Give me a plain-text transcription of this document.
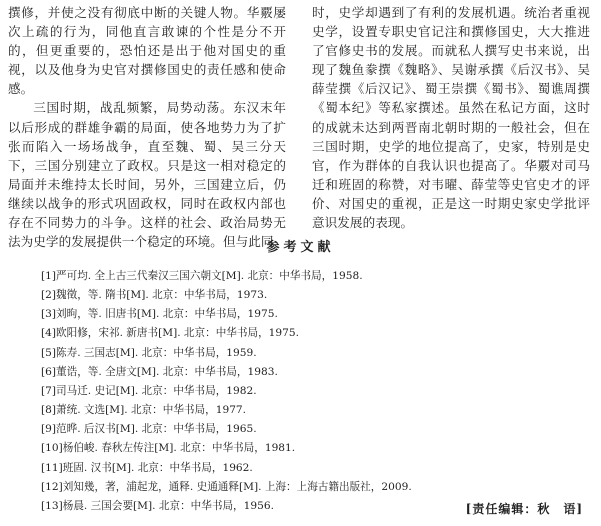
撰修，并使之没有彻底中断的关键人物。华覈屡次上疏的行为，同他直言敢谏的个性是分不开的，但更重要的，恐怕还是出于他对国史的重视，以及他身为史官对撰修国史的责任感和使命感。

三国时期，战乱频繁，局势动荡。东汉末年以后形成的群雄争霸的局面，使各地势力为了扩张而陷入一场场战争，直至魏、蜀、吴三分天下，三国分别建立了政权。只是这一相对稳定的局面并未维持太长时间，另外，三国建立后，仍继续以战争的形式巩固政权，同时在政权内部也存在不同势力的斗争。这样的社会、政治局势无法为史学的发展提供一个稳定的环境。但与此同

时，史学却遇到了有利的发展机遇。统治者重视史学，设置专职史官记注和撰修国史，大大推进了官修史书的发展。而就私人撰写史书来说，出现了魏鱼豢撰《魏略》、吴谢承撰《后汉书》、吴薛莹撰《后汉记》、蜀王崇撰《蜀书》、蜀谯周撰《蜀本纪》等私家撰述。虽然在私记方面，这时的成就未达到两晋南北朝时期的一般社会，但在三国时期，史学的地位提高了，史家，特别是史官，作为群体的自我认识也提高了。华覈对司马迁和班固的称赞，对韦曜、薛莹等史官史才的评价、对国史的重视，正是这一时期史家史学批评意识发展的表现。

参考文献
[1]严可均. 全上古三代秦汉三国六朝文[M]. 北京：中华书局，1958.
[2]魏徵，等. 隋书[M]. 北京：中华书局，1973.
[3]刘昫，等. 旧唐书[M]. 北京：中华书局，1975.
[4]欧阳修，宋祁. 新唐书[M]. 北京：中华书局，1975.
[5]陈寿. 三国志[M]. 北京：中华书局，1959.
[6]董诰，等. 全唐文[M]. 北京：中华书局，1983.
[7]司马迁. 史记[M]. 北京：中华书局，1982.
[8]萧统. 文选[M]. 北京：中华书局，1977.
[9]范晔. 后汉书[M]. 北京：中华书局，1965.
[10]杨伯峻. 春秋左传注[M]. 北京：中华书局，1981.
[11]班固. 汉书[M]. 北京：中华书局，1962.
[12]刘知幾，著，浦起龙，通释. 史通通释[M]. 上海：上海古籍出版社，2009.
[13]杨晨. 三国会要[M]. 北京：中华书局，1956.	[责任编辑：秋　语]
